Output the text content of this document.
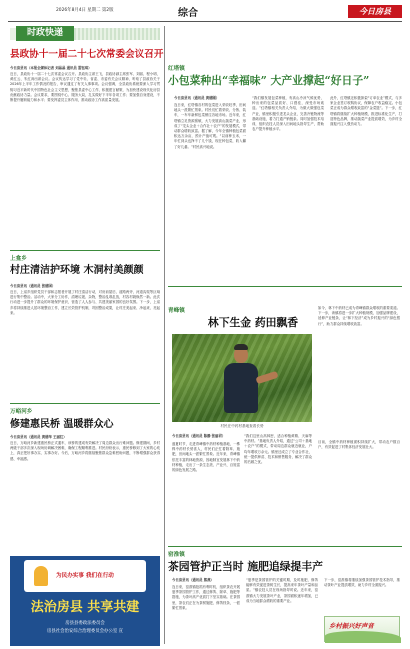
2026年8月4日 星期二 第2版	综合	今日房县
时政快递
县政协十一届二十七次常委会议召开
今日房县讯（本报全媒体记者 刘晶晶 通讯员 雷钰琪）
近日，县政协十一届二十七次常委会议召开。县政协主席王飞，县政协副主席张军、刘丽、程小明、黄红云、朱红涛出席会议。会议传达学习了党中央、省委、市委有关会议精神，听取了县政协关于2026年上半年工作情况的报告，审议通过了有关人事事项。会议强调，全县政协系统要深入学习贯彻习近平新时代中国特色社会主义思想，聚焦县委中心工作，积极建言献策，为加快建设现代化房县贡献政协力量。会议要求，要围绕中心、服务大局，扎实做好下半年各项工作；要加强自身建设，不断提升履职能力和水平；要发挥委员主体作用，推动政协工作高质量发展。
上龛乡
村庄清洁护环境 木洞村美颜颜
今日房县讯（通讯员 张德国）
近日，上龛乡组织党员干部和志愿者开展了村庄清洁行动，对房前屋后、道路两旁、河道沟渠等区域进行集中整治。活动中，大家分工协作，清理垃圾、杂物，整治乱堆乱放，村容村貌焕然一新。此次行动进一步提升了群众的环境保护意识，营造了人人参与、共建美丽家园的良好氛围。下一步，上龛乡将持续推进人居环境整治工作，建立长效管护机制，巩固整治成果，让村庄美起来、净起来、亮起来。
万峪河乡
修建惠民桥 温暖群众心
今日房县讯（通讯员 黄德华 王丽红）
近日，万峪河乡新建惠民桥正式通车，该桥的建成有效解决了周边群众出行难问题。修建期间，乡村两级干部多次深入现场协调解决困难，确保工程顺利推进。村民纷纷表示，惠民桥修到了大家的心坎上，真正把好事办实、实事办好。今后，万峪河乡将继续聚焦群众急难愁盼问题，不断增强群众获得感、幸福感。
为民办实事 我们在行动
法治房县 共享共建
房县县委政法委员会
房县社会治安综合治理委员会办公室 宣
红塔镇
小包菜种出“幸福味” 大产业撑起“好日子”
今日房县讯（通讯员 黄德刚）
连日来，红塔镇各村的包菜进入采收旺季，田间地头一派繁忙景象。村民们忙着采收、分拣、装车，一车车新鲜包菜销往各地市场。近年来，红塔镇立足资源禀赋，大力发展高山蔬菜产业，形成了“龙头企业＋合作社＋农户”的发展模式，带动群众增收致富。据了解，今年全镇种植包菜面积达万余亩，预计产值可观。“以前种玉米，一年忙到头也挣不了几个钱，现在种包菜，收入翻了好几番。”村民高兴地说。
“我们镇发展包菜种植，有高山冷凉气候优势，种出来的包菜品质好、口感佳，深受市场欢迎。”红塔镇相关负责人介绍，为做大做强包菜产业，镇里积极引进龙头企业，完善冷链物流等基础设施，着力打通产销链条。同时加强技术培训，组织农技人员深入田间地头指导生产，帮助农户提升种植水平。
此外，红塔镇还积极探索“订单农业”模式，与多家企业签订收购协议，保障农户收益稳定。小包菜正成为群众增收致富的“金菜篮”。下一步，红塔镇将继续扩大种植规模，推进标准化生产，打造特色品牌，推动蔬菜产业提质增效，为乡村全面振兴注入强劲动力。
青峰镇
林下生金 药田飘香
村民在中药材基地查看长势
今日房县讯（通讯员 陈静 张丽君）
盛夏时节，走进青峰镇中药材种植基地，一株株中药材长势喜人，村民们正忙着除草、施肥，田间地头一派繁忙景象。近年来，青峰镇依托丰富的林地资源，因地制宜发展林下中药材种植，走出了一条生态美、产业兴、百姓富的绿色发展之路。
“我们这里山高林密，适合种植黄精、天麻等中药材。”基地负责人介绍，通过“公司＋基地＋农户”的模式，带动周边群众就近就业，户均年增收万余元。镇里还成立了专业合作社，统一提供种苗、技术和销售服务，解决了群众的后顾之忧。
如今，林下中药材已成为青峰镇群众增收的重要渠道。下一步，该镇将进一步扩大种植规模，加强品牌建设，延伸产业链条，让“林下经济”成为乡村振兴的“绿色银行”，助力群众持续增收致富。
目前，全镇中药材种植面积持续扩大，带动农户数百户，有效促进了村集体经济发展壮大。
窑淮镇
茶园管护正当时 施肥追绿提丰产
今日房县讯（通讯员 熊燕）
连日来，窑淮镇抢抓有利时机，组织茶农开展夏季茶园管护工作，通过修剪、除草、施肥等措施，为茶叶高产优质打下坚实基础。在茶园里，茶农们正在为茶树施肥、修剪枝条，一派繁忙景象。
“夏季是茶园管护的关键时期，及时施肥、修剪能够有效促进茶树生长，提高来年茶叶产量和品质。”镇农技人员在现场指导时说。近年来，窑淮镇大力发展茶叶产业，茶园面积逐年增加，已成为当地群众增收的重要产业。
下一步，窑淮镇将继续加强茶园管护技术指导，推动茶叶产业提质增效，助力乡村全面振兴。
乡村振兴好声音
